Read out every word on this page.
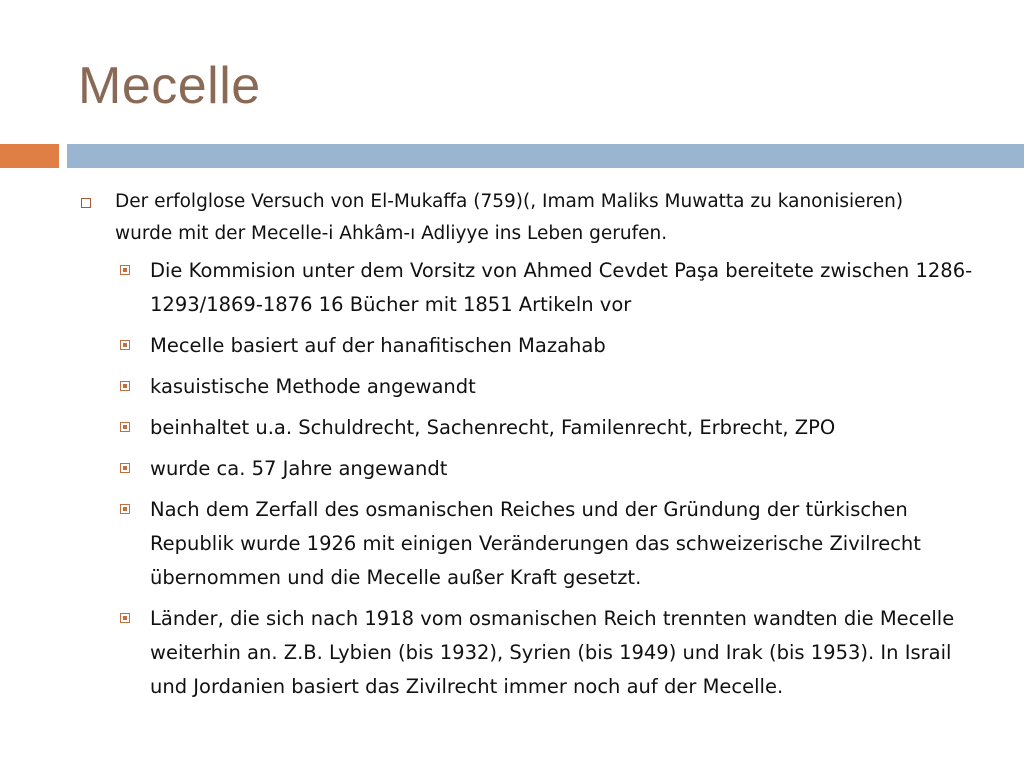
Mecelle
Der erfolglose Versuch von El-Mukaffa (759)(, Imam Maliks Muwatta zu kanonisieren) wurde mit der Mecelle-i Ahkâm-ı Adliyye ins Leben gerufen.
Die Kommision unter dem Vorsitz von Ahmed Cevdet Paşa bereitete zwischen 1286-1293/1869-1876 16 Bücher mit 1851 Artikeln vor
Mecelle basiert auf der hanafitischen Mazahab
kasuistische Methode angewandt
beinhaltet u.a. Schuldrecht, Sachenrecht, Familenrecht, Erbrecht, ZPO
wurde ca. 57 Jahre angewandt
Nach dem Zerfall des osmanischen Reiches und der Gründung der türkischen Republik wurde 1926 mit einigen Veränderungen das schweizerische Zivilrecht übernommen und die Mecelle außer Kraft gesetzt.
Länder, die sich nach 1918 vom osmanischen Reich trennten wandten die Mecelle weiterhin an. Z.B. Lybien (bis 1932), Syrien (bis 1949) und Irak (bis 1953). In Israil und Jordanien basiert das Zivilrecht immer noch auf der Mecelle.
